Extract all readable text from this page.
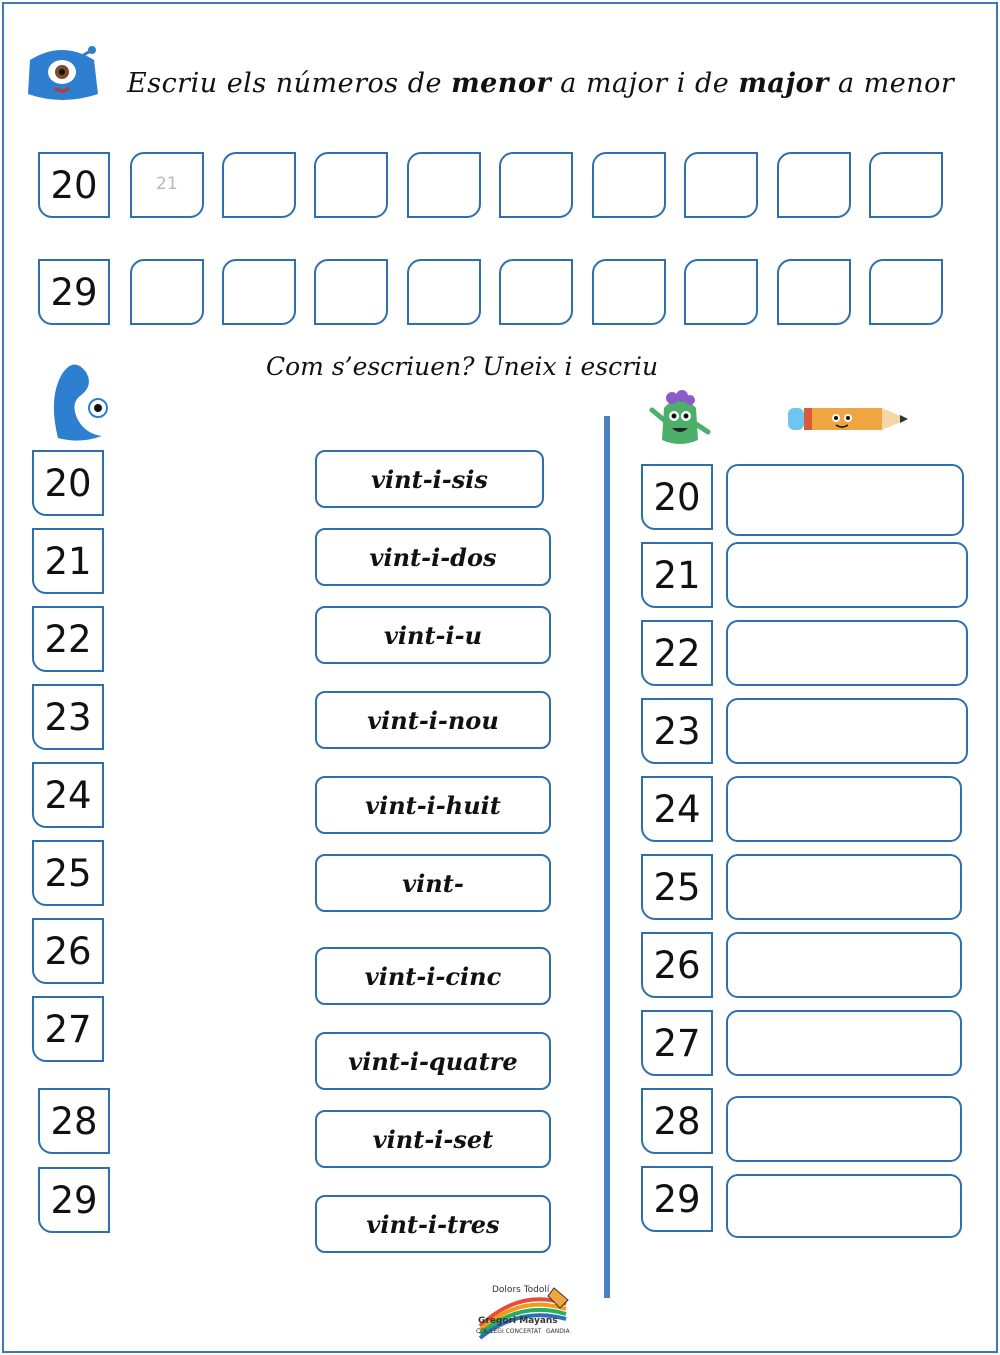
Escriu els números de menor a major i de major a menor
20	21
29
Com s’escriuen? Uneix i escriu
20
21
22
23
24
25
26
27
28
29
vint-i-sis
vint-i-dos
vint-i-u
vint-i-nou
vint-i-huit
vint-
vint-i-cinc
vint-i-quatre
vint-i-set
vint-i-tres
20
21
22
23
24
25
26
27
28
29
Dolors Todolí
Gregori Mayans
COL·LEGI CONCERTAT GANDIA
